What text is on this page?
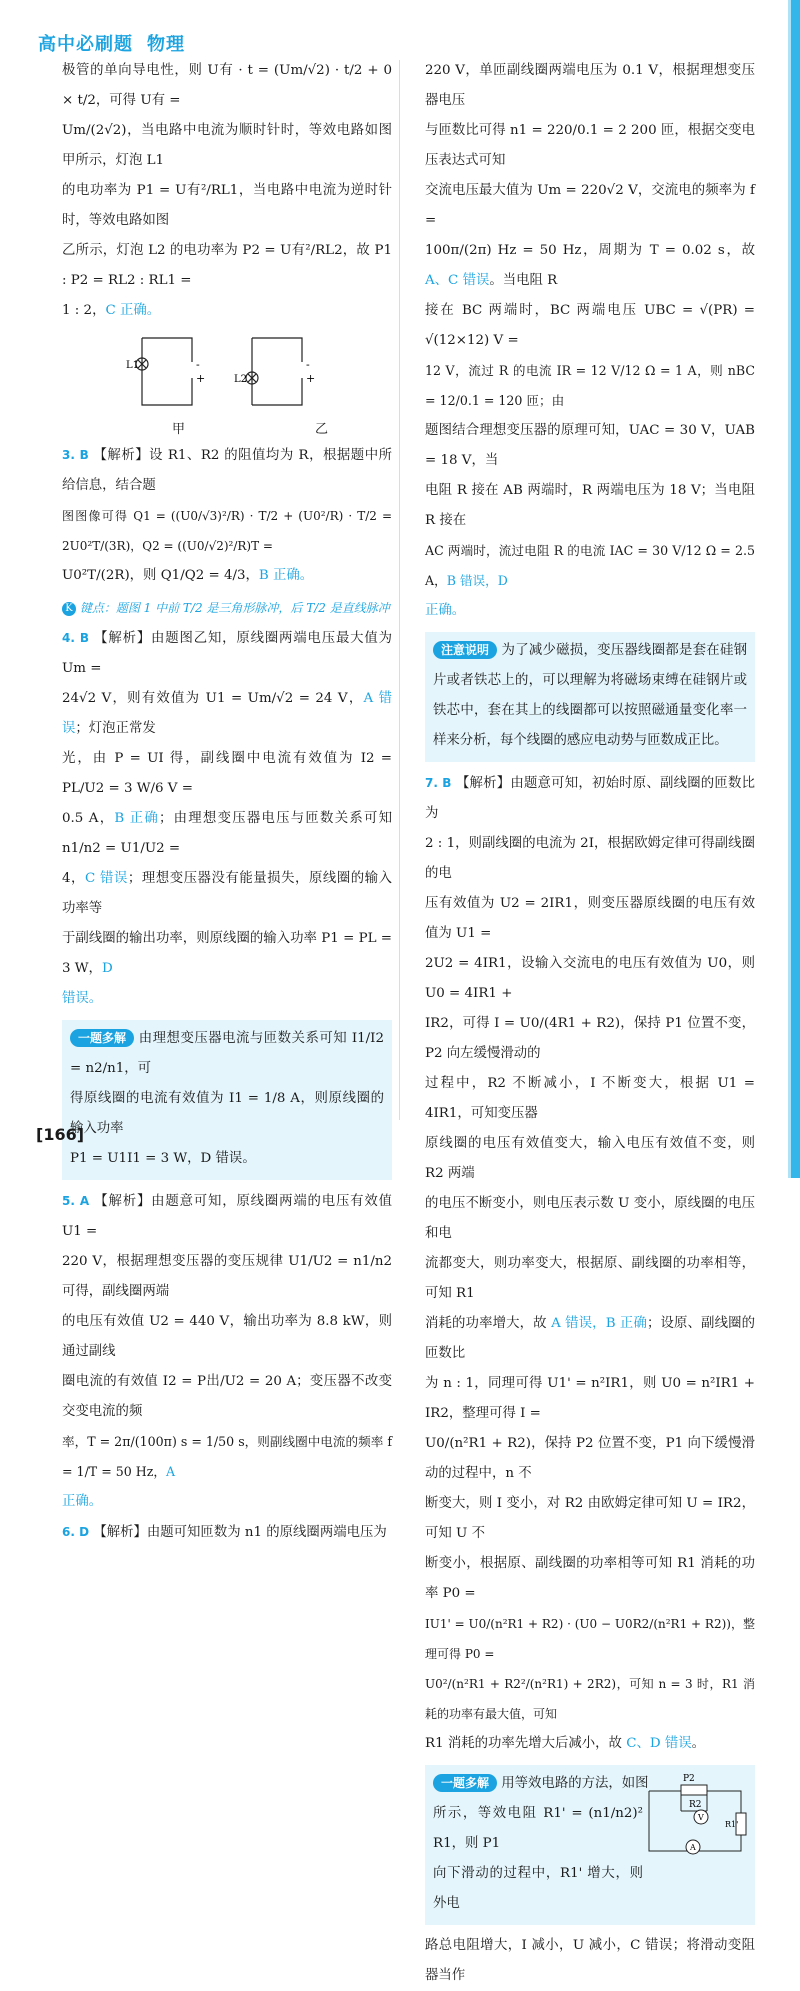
高中必刷题 物理

极管的单向导电性，则 U有 · t = (Um/√2) · t/2 + 0 × t/2，可得 U有 =

Um/(2√2)，当电路中电流为顺时针时，等效电路如图甲所示，灯泡 L1

的电功率为 P1 = U有²/RL1，当电路中电流为逆时针时，等效电路如图

乙所示，灯泡 L2 的电功率为 P2 = U有²/RL2，故 P1 : P2 = RL2 : RL1 =

1 : 2，C 正确。

L1
L2
-
+
-
+
甲	乙

3. B 【解析】设 R1、R2 的阻值均为 R，根据题中所给信息，结合题

图图像可得 Q1 = ((U0/√3)²/R) · T/2 + (U0²/R) · T/2 = 2U0²T/(3R)，Q2 = ((U0/√2)²/R)T =

U0²T/(2R)，则 Q1/Q2 = 4/3，B 正确。

K 键点：题图 1 中前 T/2 是三角形脉冲，后 T/2 是直线脉冲

4. B 【解析】由题图乙知，原线圈两端电压最大值为 Um =

24√2 V，则有效值为 U1 = Um/√2 = 24 V，A 错误；灯泡正常发

光，由 P = UI 得，副线圈中电流有效值为 I2 = PL/U2 = 3 W/6 V =

0.5 A，B 正确；由理想变压器电压与匝数关系可知 n1/n2 = U1/U2 =

4，C 错误；理想变压器没有能量损失，原线圈的输入功率等

于副线圈的输出功率，则原线圈的输入功率 P1 = PL = 3 W，D

错误。

一题多解 由理想变压器电流与匝数关系可知 I1/I2 = n2/n1，可

得原线圈的电流有效值为 I1 = 1/8 A，则原线圈的输入功率

P1 = U1I1 = 3 W，D 错误。

5. A 【解析】由题意可知，原线圈两端的电压有效值 U1 =

220 V，根据理想变压器的变压规律 U1/U2 = n1/n2 可得，副线圈两端

的电压有效值 U2 = 440 V，输出功率为 8.8 kW，则通过副线

圈电流的有效值 I2 = P出/U2 = 20 A；变压器不改变交变电流的频

率，T = 2π/(100π) s = 1/50 s，则副线圈中电流的频率 f = 1/T = 50 Hz，A

正确。

6. D 【解析】由题可知匝数为 n1 的原线圈两端电压为

220 V，单匝副线圈两端电压为 0.1 V，根据理想变压器电压

与匝数比可得 n1 = 220/0.1 = 2 200 匝，根据交变电压表达式可知

交流电压最大值为 Um = 220√2 V，交流电的频率为 f =

100π/(2π) Hz = 50 Hz，周期为 T = 0.02 s，故 A、C 错误。当电阻 R

接在 BC 两端时，BC 两端电压 UBC = √(PR) = √(12×12) V =

12 V，流过 R 的电流 IR = 12 V/12 Ω = 1 A，则 nBC = 12/0.1 = 120 匝；由

题图结合理想变压器的原理可知，UAC = 30 V，UAB = 18 V，当

电阻 R 接在 AB 两端时，R 两端电压为 18 V；当电阻 R 接在

AC 两端时，流过电阻 R 的电流 IAC = 30 V/12 Ω = 2.5 A，B 错误，D

正确。

注意说明 为了减少磁损，变压器线圈都是套在硅钢片或者铁芯上的，可以理解为将磁场束缚在硅钢片或铁芯中，套在其上的线圈都可以按照磁通量变化率一样来分析，每个线圈的感应电动势与匝数成正比。

7. B 【解析】由题意可知，初始时原、副线圈的匝数比为

2 : 1，则副线圈的电流为 2I，根据欧姆定律可得副线圈的电

压有效值为 U2 = 2IR1，则变压器原线圈的电压有效值为 U1 =

2U2 = 4IR1，设输入交流电的电压有效值为 U0，则 U0 = 4IR1 +

IR2，可得 I = U0/(4R1 + R2)，保持 P1 位置不变，P2 向左缓慢滑动的

过程中，R2 不断减小，I 不断变大，根据 U1 = 4IR1，可知变压器

原线圈的电压有效值变大，输入电压有效值不变，则 R2 两端

的电压不断变小，则电压表示数 U 变小，原线圈的电压和电

流都变大，则功率变大，根据原、副线圈的功率相等，可知 R1

消耗的功率增大，故 A 错误，B 正确；设原、副线圈的匝数比

为 n : 1，同理可得 U1' = n²IR1，则 U0 = n²IR1 + IR2，整理可得 I =

U0/(n²R1 + R2)，保持 P2 位置不变，P1 向下缓慢滑动的过程中，n 不

断变大，则 I 变小，对 R2 由欧姆定律可知 U = IR2，可知 U 不

断变小，根据原、副线圈的功率相等可知 R1 消耗的功率 P0 =

IU1' = U0/(n²R1 + R2) · (U0 − U0R2/(n²R1 + R2))，整理可得 P0 =

U0²/(n²R1 + R2²/(n²R1) + 2R2)，可知 n = 3 时，R1 消耗的功率有最大值，可知

R1 消耗的功率先增大后减小，故 C、D 错误。

一题多解 用等效电路的方法，如图

所示，等效电阻 R1' = (n1/n2)² R1，则 P1

向下滑动的过程中，R1' 增大，则外电

P2
R2
V
A
R1'

路总电阻增大，I 减小，U 减小，C 错误；将滑动变阻器当作

[ 166 ]
